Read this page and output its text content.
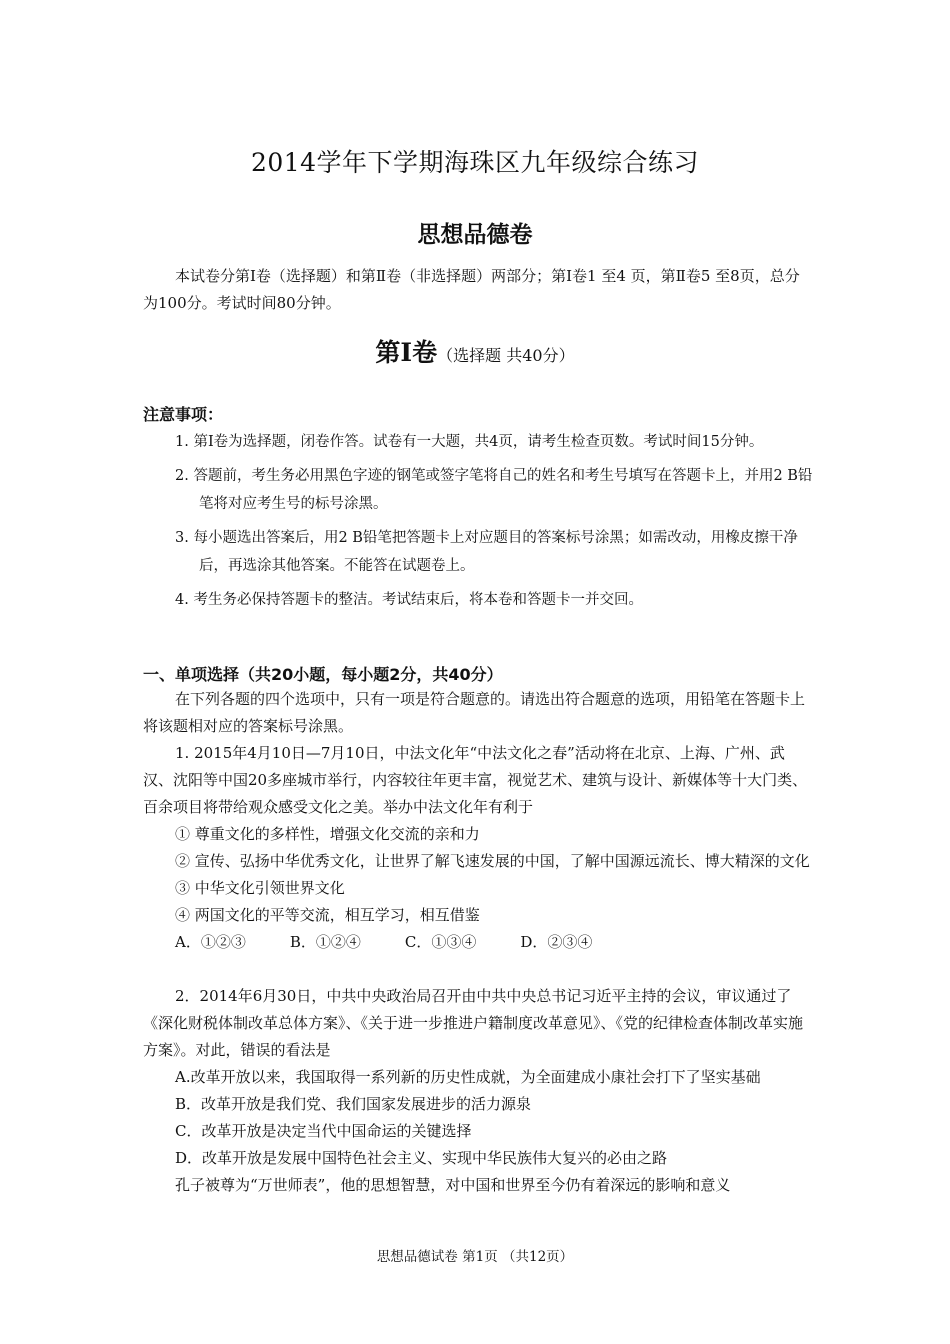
2014学年下学期海珠区九年级综合练习
思想品德卷

本试卷分第Ⅰ卷（选择题）和第Ⅱ卷（非选择题）两部分；第Ⅰ卷1 至4 页，第Ⅱ卷5 至8页，总分为100分。考试时间80分钟。

第Ⅰ卷（选择题 共40分）
注意事项：

1. 第Ⅰ卷为选择题，闭卷作答。试卷有一大题，共4页，请考生检查页数。考试时间15分钟。

2. 答题前，考生务必用黑色字迹的钢笔或签字笔将自己的姓名和考生号填写在答题卡上，并用2 B铅笔将对应考生号的标号涂黑。

3. 每小题选出答案后，用2 B铅笔把答题卡上对应题目的答案标号涂黑；如需改动，用橡皮擦干净后，再选涂其他答案。不能答在试题卷上。

4. 考生务必保持答题卡的整洁。考试结束后，将本卷和答题卡一并交回。

一、单项选择（共20小题，每小题2分，共40分）

在下列各题的四个选项中，只有一项是符合题意的。请选出符合题意的选项，用铅笔在答题卡上将该题相对应的答案标号涂黑。

1. 2015年4月10日—7月10日，中法文化年“中法文化之春”活动将在北京、上海、广州、武汉、沈阳等中国20多座城市举行，内容较往年更丰富，视觉艺术、建筑与设计、新媒体等十大门类、百余项目将带给观众感受文化之美。举办中法文化年有利于

① 尊重文化的多样性，增强文化交流的亲和力

② 宣传、弘扬中华优秀文化，让世界了解飞速发展的中国，了解中国源远流长、博大精深的文化

③ 中华文化引领世界文化

④ 两国文化的平等交流，相互学习，相互借鉴

A．①②③	B．①②④	C．①③④	D．②③④

2．2014年6月30日，中共中央政治局召开由中共中央总书记习近平主持的会议，审议通过了《深化财税体制改革总体方案》、《关于进一步推进户籍制度改革意见》、《党的纪律检查体制改革实施方案》。对此，错误的看法是

A.改革开放以来，我国取得一系列新的历史性成就，为全面建成小康社会打下了坚实基础

B．改革开放是我们党、我们国家发展进步的活力源泉

C．改革开放是决定当代中国命运的关键选择

D．改革开放是发展中国特色社会主义、实现中华民族伟大复兴的必由之路

孔子被尊为“万世师表”，他的思想智慧，对中国和世界至今仍有着深远的影响和意义

思想品德试卷 第1页 （共12页）
